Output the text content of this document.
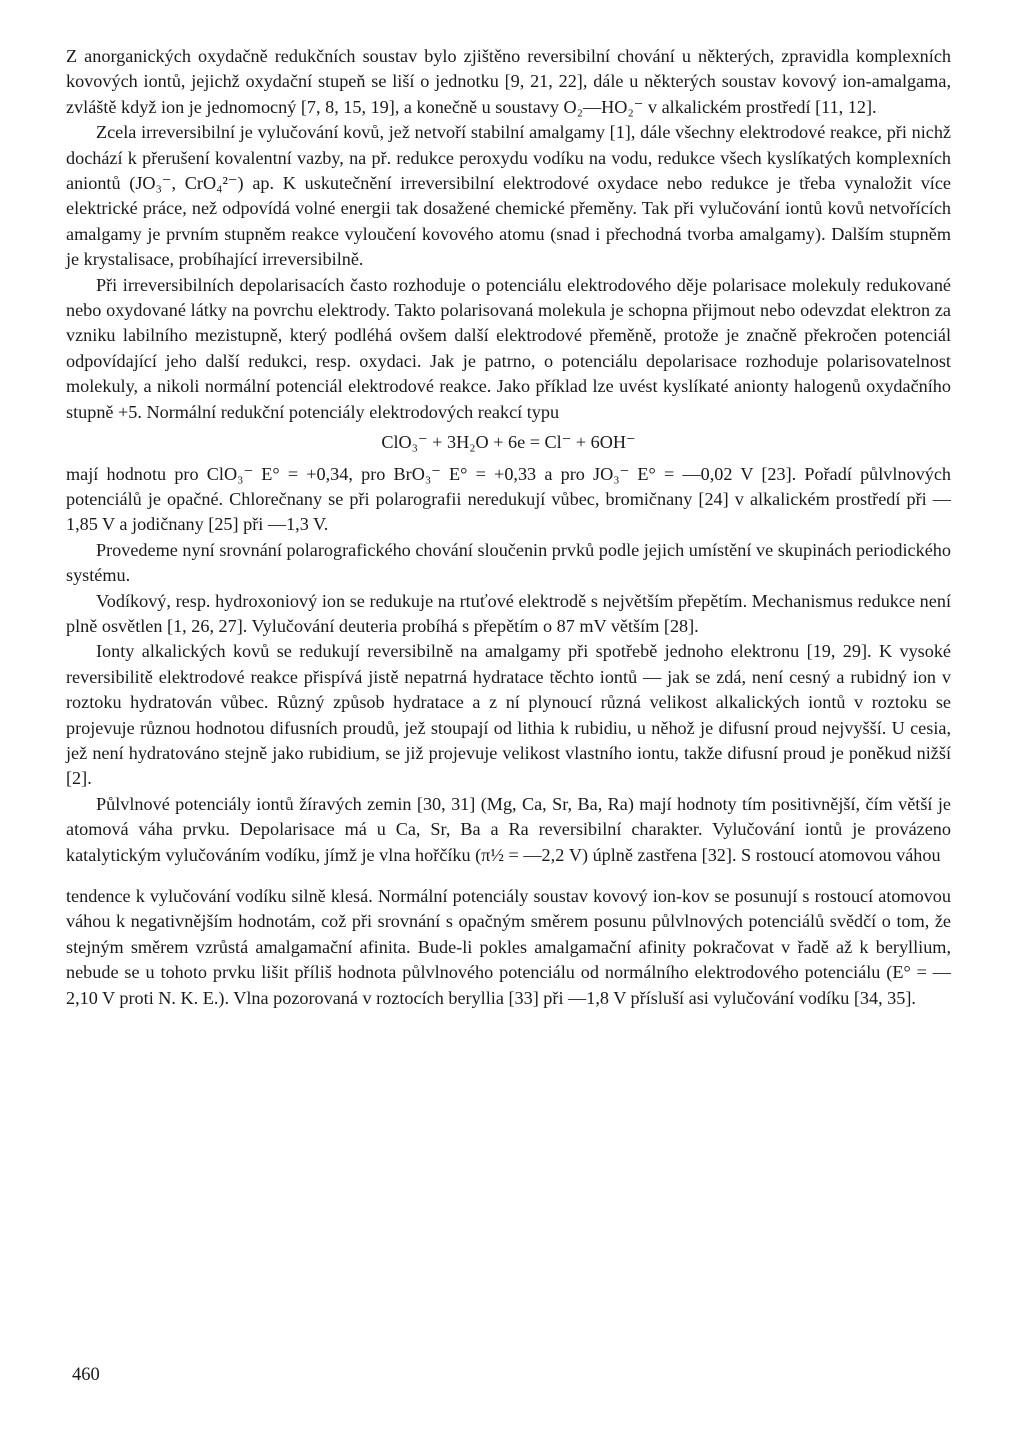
Z anorganických oxydačně redukčních soustav bylo zjištěno reversibilní chování u některých, zpravidla komplexních kovových iontů, jejichž oxydační stupeň se liší o jednotku [9, 21, 22], dále u některých soustav kovový ion-amalgama, zvláště když ion je jednomocný [7, 8, 15, 19], a konečně u soustavy O₂—HO₂⁻ v alkalickém prostředí [11, 12].

Zcela irreversibilní je vylučování kovů, jež netvoří stabilní amalgamy [1], dále všechny elektrodové reakce, při nichž dochází k přerušení kovalentní vazby, na př. redukce peroxydu vodíku na vodu, redukce všech kyslíkatých komplexních aniontů (JO₃⁻, CrO₄²⁻) ap. K uskutečnění irreversibilní elektrodové oxydace nebo redukce je třeba vynaložit více elektrické práce, než odpovídá volné energii tak dosažené chemické přeměny. Tak při vylučování iontů kovů netvořících amalgamy je prvním stupněm reakce vyloučení kovového atomu (snad i přechodná tvorba amalgamy). Dalším stupněm je krystalisace, probíhající irreversibilně.

Při irreversibilních depolarisacích často rozhoduje o potenciálu elektrodového děje polarisace molekuly redukované nebo oxydované látky na povrchu elektrody. Takto polarisovaná molekula je schopna přijmout nebo odevzdat elektron za vzniku labilního mezistupně, který podléhá ovšem další elektrodové přeměně, protože je značně překročen potenciál odpovídající jeho další redukci, resp. oxydaci. Jak je patrno, o potenciálu depolarisace rozhoduje polarisovatelnost molekuly, a nikoli normální potenciál elektrodové reakce. Jako příklad lze uvést kyslíkaté anionty halogenů oxydačního stupně +5. Normální redukční potenciály elektrodových reakcí typu

ClO₃⁻ + 3H₂O + 6e = Cl⁻ + 6OH⁻

mají hodnotu pro ClO₃⁻ E° = +0,34, pro BrO₃⁻ E° = +0,33 a pro JO₃⁻ E° = —0,02 V [23]. Pořadí půlvlnových potenciálů je opačné. Chlorečnany se při polarografii neredukují vůbec, bromičnany [24] v alkalickém prostředí při —1,85 V a jodičnany [25] při —1,3 V.

Provedeme nyní srovnání polarografického chování sloučenin prvků podle jejich umístění ve skupinách periodického systému.

Vodíkový, resp. hydroxoniový ion se redukuje na rtuťové elektrodě s největším přepětím. Mechanismus redukce není plně osvětlen [1, 26, 27]. Vylučování deuteria probíhá s přepětím o 87 mV větším [28].

Ionty alkalických kovů se redukují reversibilně na amalgamy při spotřebě jednoho elektronu [19, 29]. K vysoké reversibilitě elektrodové reakce přispívá jistě nepatrná hydratace těchto iontů — jak se zdá, není cesný a rubidný ion v roztoku hydratován vůbec. Různý způsob hydratace a z ní plynoucí různá velikost alkalických iontů v roztoku se projevuje různou hodnotou difusních proudů, jež stoupají od lithia k rubidiu, u něhož je difusní proud nejvyšší. U cesia, jež není hydratováno stejně jako rubidium, se již projevuje velikost vlastního iontu, takže difusní proud je poněkud nižší [2].

Půlvlnové potenciály iontů žíravých zemin [30, 31] (Mg, Ca, Sr, Ba, Ra) mají hodnoty tím positivnější, čím větší je atomová váha prvku. Depolarisace má u Ca, Sr, Ba a Ra reversibilní charakter. Vylučování iontů je provázeno katalytickým vylučováním vodíku, jímž je vlna hořčíku (π½ = —2,2 V) úplně zastřena [32]. S rostoucí atomovou váhou

tendence k vylučování vodíku silně klesá. Normální potenciály soustav kovový ion-kov se posunují s rostoucí atomovou váhou k negativnějším hodnotám, což při srovnání s opačným směrem posunu půlvlnových potenciálů svědčí o tom, že stejným směrem vzrůstá amalgamační afinita. Bude-li pokles amalgamační afinity pokračovat v řadě až k beryllium, nebude se u tohoto prvku lišit příliš hodnota půlvlnového potenciálu od normálního elektrodového potenciálu (E° = —2,10 V proti N. K. E.). Vlna pozorovaná v roztocích beryllia [33] při —1,8 V přísluší asi vylučování vodíku [34, 35].

460
